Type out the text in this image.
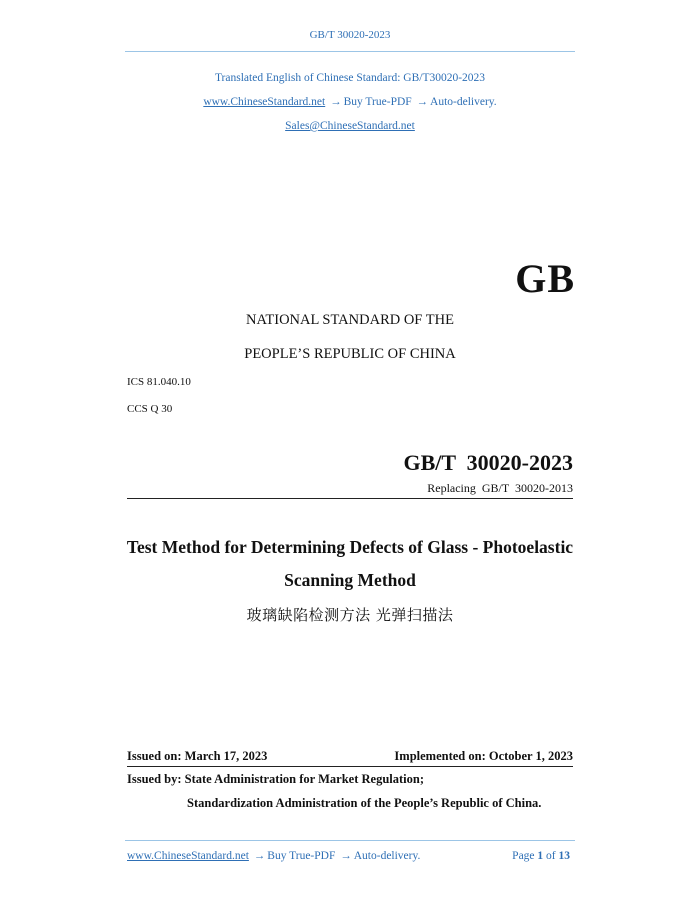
GB/T 30020-2023
Translated English of Chinese Standard: GB/T30020-2023
www.ChineseStandard.net → Buy True-PDF → Auto-delivery.
Sales@ChineseStandard.net
GB
NATIONAL STANDARD OF THE
PEOPLE’S REPUBLIC OF CHINA
ICS 81.040.10
CCS Q 30
GB/T  30020-2023
Replacing  GB/T  30020-2013
Test Method for Determining Defects of Glass - Photoelastic
Scanning Method
玻璃缺陷检测方法 光弹扫描法
Issued on: March 17, 2023	Implemented on: October 1, 2023
Issued by: State Administration for Market Regulation;
Standardization Administration of the People’s Republic of China.
www.ChineseStandard.net → Buy True-PDF → Auto-delivery.	Page 1 of 13
